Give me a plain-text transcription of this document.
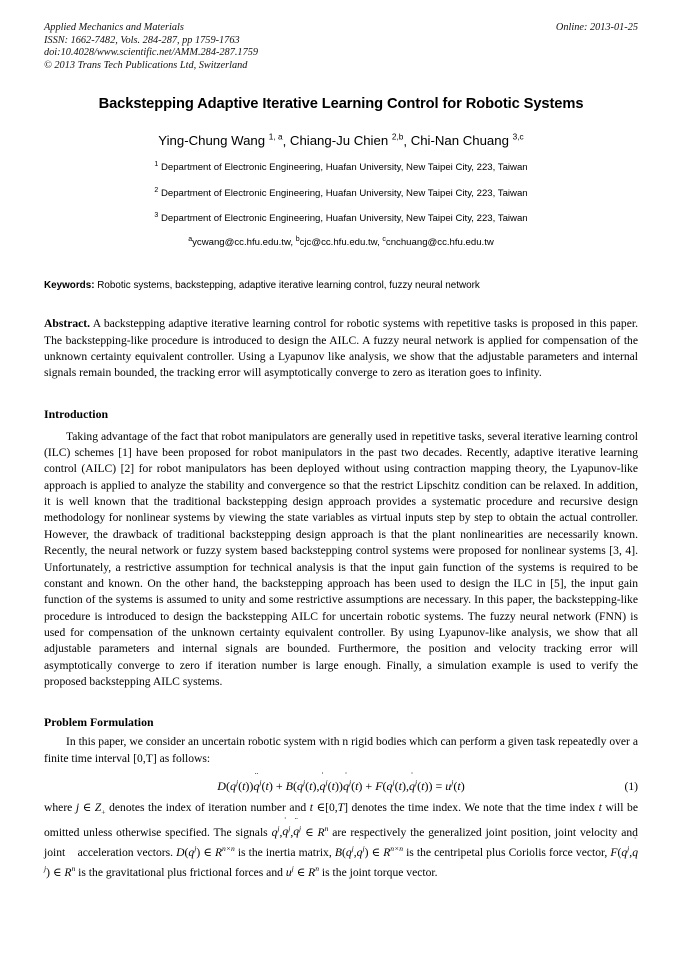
Applied Mechanics and Materials
ISSN: 1662-7482, Vols. 284-287, pp 1759-1763
doi:10.4028/www.scientific.net/AMM.284-287.1759
© 2013 Trans Tech Publications Ltd, Switzerland
Online: 2013-01-25
Backstepping Adaptive Iterative Learning Control for Robotic Systems
Ying-Chung Wang $^{1, a}$, Chiang-Ju Chien $^{2,b}$, Chi-Nan Chuang $^{3,c}$
$^1$ Department of Electronic Engineering, Huafan University, New Taipei City, 223, Taiwan
$^2$ Department of Electronic Engineering, Huafan University, New Taipei City, 223, Taiwan
$^3$ Department of Electronic Engineering, Huafan University, New Taipei City, 223, Taiwan
$^a$ycwang@cc.hfu.edu.tw, $^b$cjc@cc.hfu.edu.tw, $^c$cnchuang@cc.hfu.edu.tw
Keywords: Robotic systems, backstepping, adaptive iterative learning control, fuzzy neural network
Abstract. A backstepping adaptive iterative learning control for robotic systems with repetitive tasks is proposed in this paper. The backstepping-like procedure is introduced to design the AILC. A fuzzy neural network is applied for compensation of the unknown certainty equivalent controller. Using a Lyapunov like analysis, we show that the adjustable parameters and internal signals remain bounded, the tracking error will asymptotically converge to zero as iteration goes to infinity.
Introduction

Taking advantage of the fact that robot manipulators are generally used in repetitive tasks, several iterative learning control (ILC) schemes [1] have been proposed for robot manipulators in the past two decades. Recently, adaptive iterative learning control (AILC) [2] for robot manipulators has been deployed without using contraction mapping theory, the Lyapunov-like approach is applied to analyze the stability and convergence so that the restrict Lipschitz condition can be relaxed. In addition, it is well known that the traditional backstepping design approach provides a systematic procedure and recursive design methodology for nonlinear systems by viewing the state variables as virtual inputs step by step to obtain the actual controller. However, the drawback of traditional backstepping design approach is that the plant nonlinearities are necessarily known. Recently, the neural network or fuzzy system based backstepping control systems were proposed for nonlinear systems [3, 4]. Unfortunately, a restrictive assumption for technical analysis is that the input gain function of the systems is required to be constant and known. On the other hand, the backstepping approach has been used to design the ILC in [5], the input gain function of the systems is assumed to unity and some restrictive assumptions are necessary. In this paper, the backstepping-like procedure is introduced to design the backstepping AILC for uncertain robotic systems. The fuzzy neural network (FNN) is used for compensation of the unknown certainty equivalent controller. By using Lyapunov-like analysis, we show that all adjustable parameters and internal signals are bounded. Furthermore, the position and velocity tracking error will asymptotically converge to zero if iteration number is large enough. Finally, a simulation example is used to verify the proposed backstepping AILC systems.

Problem Formulation

In this paper, we consider an uncertain robotic system with n rigid bodies which can perform a given task repeatedly over a finite time interval [0,T] as follows:

$D(q^j(t))$
¨
$q^j(t) + B(q^j(t)$,
$q^j(t)$)
$q^j(t) + F(q^j(t)$,
$q^j(t)) = u^j(t)$	(1)

where j ∈ $Z_+$ denotes the index of iteration number and t ∈[0,T] denotes the time index. We note that the time index t will be omitted unless otherwise specified. The signals $q^j$,
$q^j$,
¨
$q^j$ ∈ $R^n$ are respectively the generalized joint position, joint velocity and joint    acceleration vectors. $D(q^j)$ ∈ $R^{n\times n}$ is the inertia matrix, $B(q^j$,
$q^j$) ∈ $R^{n\times n}$ is the centripetal plus Coriolis force vector, $F(q^j$,
$q^j$) ∈ $R^n$ is the gravitational plus frictional forces and $u^j$ ∈ $R^n$ is the joint torque vector.
